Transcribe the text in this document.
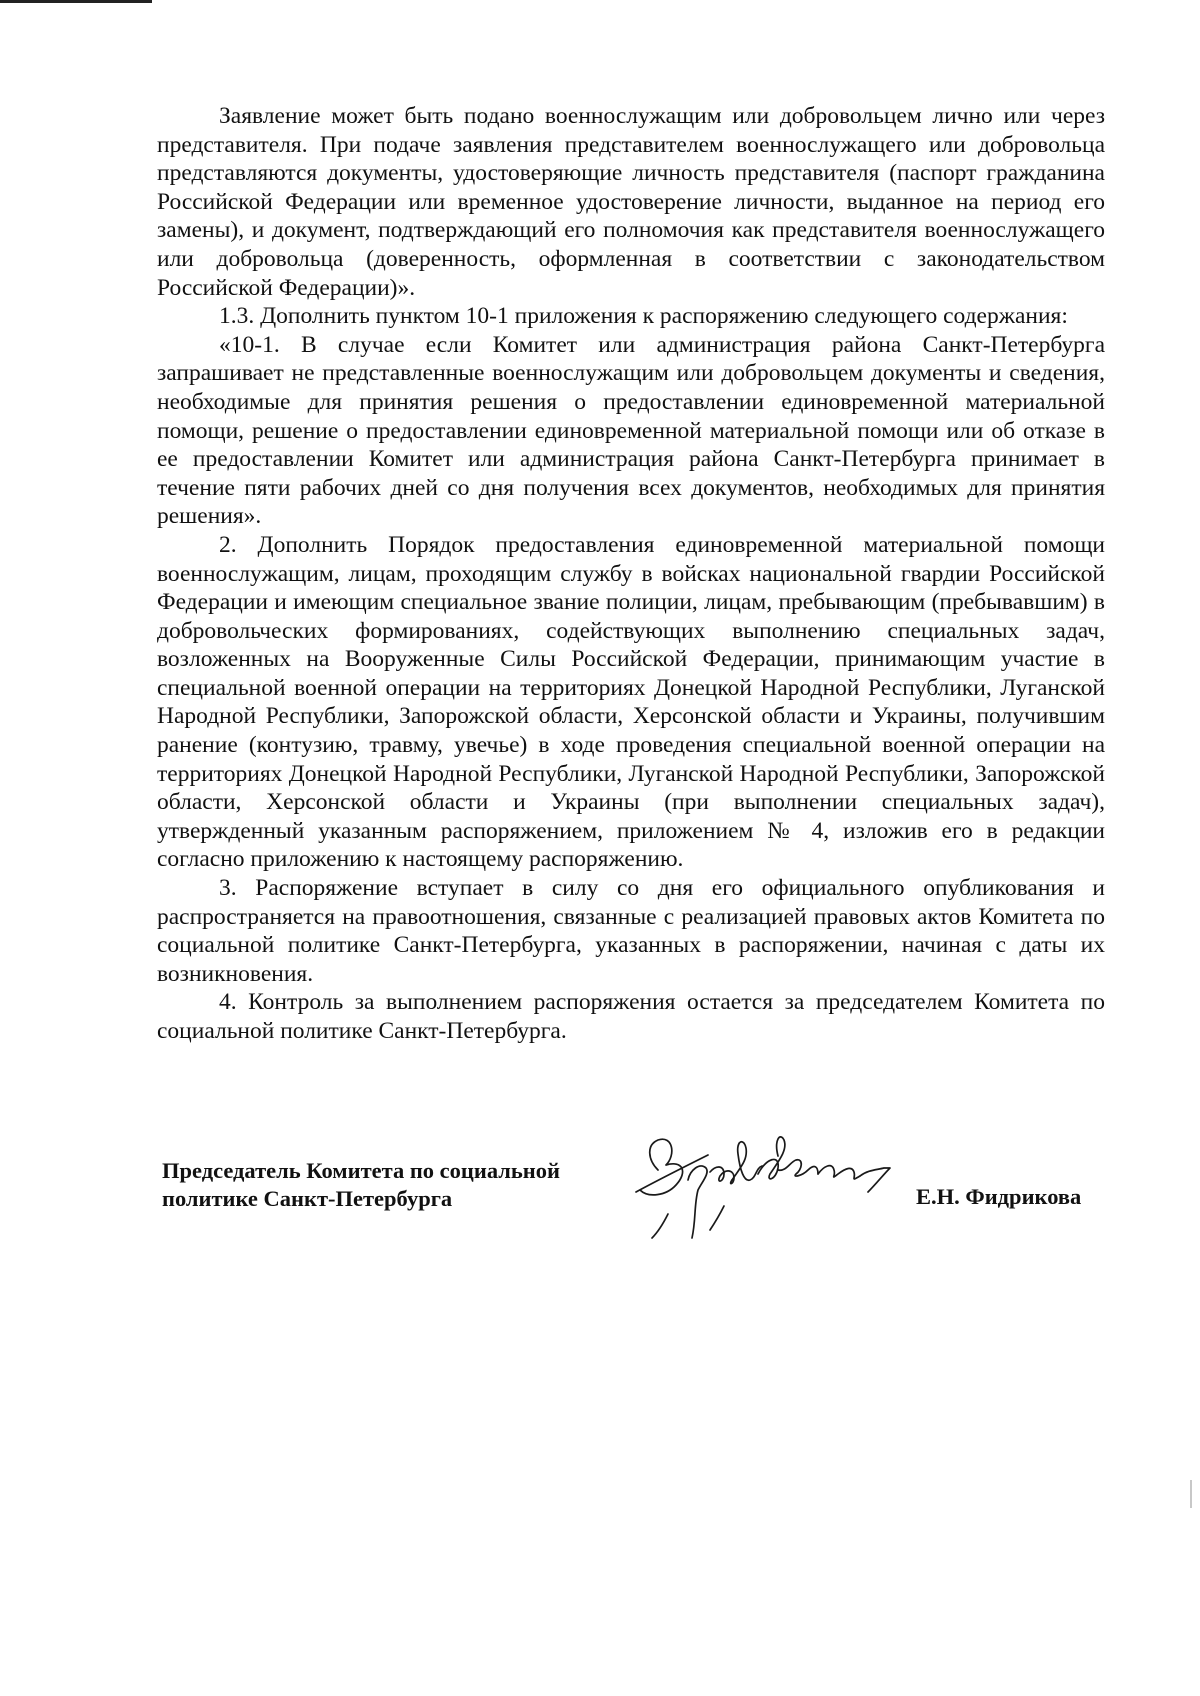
Заявление может быть подано военнослужащим или добровольцем лично или через представителя. При подаче заявления представителем военнослужащего или добровольца представляются документы, удостоверяющие личность представителя (паспорт гражданина Российской Федерации или временное удостоверение личности, выданное на период его замены), и документ, подтверждающий его полномочия как представителя военнослужащего или добровольца (доверенность, оформленная в соответствии с законодательством Российской Федерации)».

1.3. Дополнить пунктом 10-1 приложения к распоряжению следующего содержания:

«10-1. В случае если Комитет или администрация района Санкт-Петербурга запрашивает не представленные военнослужащим или добровольцем документы и сведения, необходимые для принятия решения о предоставлении единовременной материальной помощи, решение о предоставлении единовременной материальной помощи или об отказе в ее предоставлении Комитет или администрация района Санкт-Петербурга принимает в течение пяти рабочих дней со дня получения всех документов, необходимых для принятия решения».

2. Дополнить Порядок предоставления единовременной материальной помощи военнослужащим, лицам, проходящим службу в войсках национальной гвардии Российской Федерации и имеющим специальное звание полиции, лицам, пребывающим (пребывавшим) в добровольческих формированиях, содействующих выполнению специальных задач, возложенных на Вооруженные Силы Российской Федерации, принимающим участие в специальной военной операции на территориях Донецкой Народной Республики, Луганской Народной Республики, Запорожской области, Херсонской области и Украины, получившим ранение (контузию, травму, увечье) в ходе проведения специальной военной операции на территориях Донецкой Народной Республики, Луганской Народной Республики, Запорожской области, Херсонской области и Украины (при выполнении специальных задач), утвержденный указанным распоряжением, приложением № 4, изложив его в редакции согласно приложению к настоящему распоряжению.

3. Распоряжение вступает в силу со дня его официального опубликования и распространяется на правоотношения, связанные с реализацией правовых актов Комитета по социальной политике Санкт-Петербурга, указанных в распоряжении, начиная с даты их возникновения.

4. Контроль за выполнением распоряжения остается за председателем Комитета по социальной политике Санкт-Петербурга.

Председатель Комитета по социальной
политике Санкт-Петербурга	Е.Н. Фидрикова
